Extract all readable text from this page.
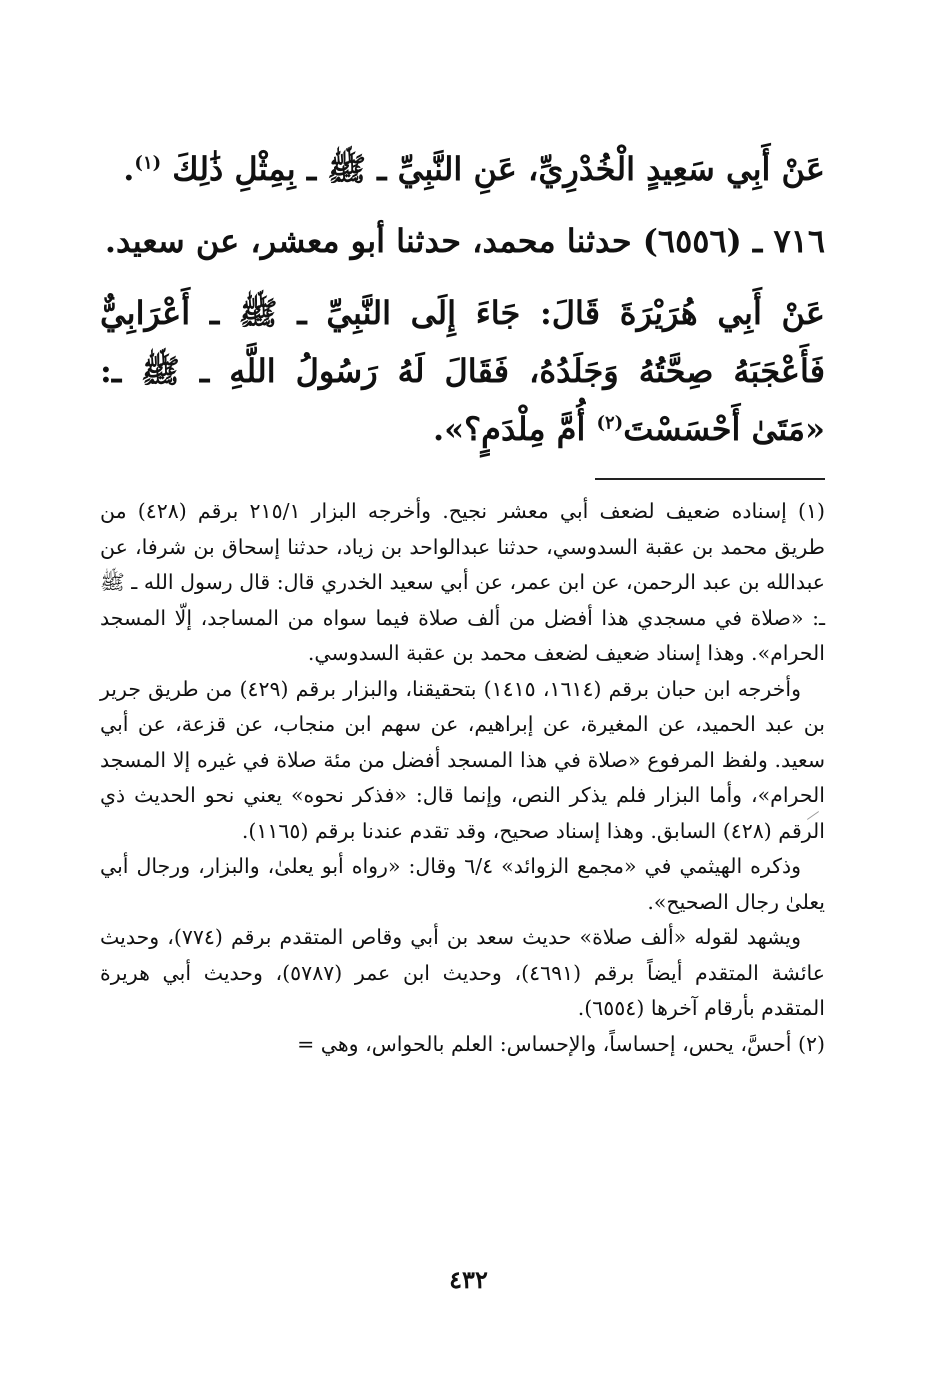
عَنْ أَبِي سَعِيدٍ الْخُدْرِيِّ، عَنِ النَّبِيِّ ـ ﷺ ـ بِمِثْلِ ذَٰلِكَ $^{(١)}$.

٧١٦ ـ (٦٥٥٦) حدثنا محمد، حدثنا أبو معشر، عن سعيد.

عَنْ أَبِي هُرَيْرَةَ قَالَ: جَاءَ إِلَى النَّبِيِّ ـ ﷺ ـ أَعْرَابِيٌّ فَأَعْجَبَهُ صِحَّتُهُ وَجَلَدُهُ، فَقَالَ لَهُ رَسُولُ اللَّهِ ـ ﷺ ـ: «مَتَىٰ أَحْسَسْتَ$^{(٢)}$ أُمَّ مِلْدَمٍ؟».

(١) إسناده ضعيف لضعف أبي معشر نجيح. وأخرجه البزار ٢١٥/١ برقم (٤٢٨) من طريق محمد بن عقبة السدوسي، حدثنا عبدالواحد بن زياد، حدثنا إسحاق بن شرفا، عن عبدالله بن عبد الرحمن، عن ابن عمر، عن أبي سعيد الخدري قال: قال رسول الله ـ ﷺ ـ: «صلاة في مسجدي هذا أفضل من ألف صلاة فيما سواه من المساجد، إلّا المسجد الحرام». وهذا إسناد ضعيف لضعف محمد بن عقبة السدوسي.

وأخرجه ابن حبان برقم (١٦١٤، ١٤١٥) بتحقيقنا، والبزار برقم (٤٢٩) من طريق جرير بن عبد الحميد، عن المغيرة، عن إبراهيم، عن سهم ابن منجاب، عن قزعة، عن أبي سعيد. ولفظ المرفوع «صلاة في هذا المسجد أفضل من مئة صلاة في غيره إلا المسجد الحرام»، وأما البزار فلم يذكر النص، وإنما قال: «فذكر نحوه» يعني نحو الحديث ذي الرقم (٤٢٨) السابق. وهذا إسناد صحيح، وقد تقدم عندنا برقم (١١٦٥).

وذكره الهيثمي في «مجمع الزوائد» ٦/٤ وقال: «رواه أبو يعلىٰ، والبزار، ورجال أبي يعلىٰ رجال الصحيح».

ويشهد لقوله «ألف صلاة» حديث سعد بن أبي وقاص المتقدم برقم (٧٧٤)، وحديث عائشة المتقدم أيضاً برقم (٤٦٩١)، وحديث ابن عمر (٥٧٨٧)، وحديث أبي هريرة المتقدم بأرقام آخرها (٦٥٥٤).

(٢) أحسَّ، يحس، إحساساً، والإحساس: العلم بالحواس، وهي =

٤٣٢
